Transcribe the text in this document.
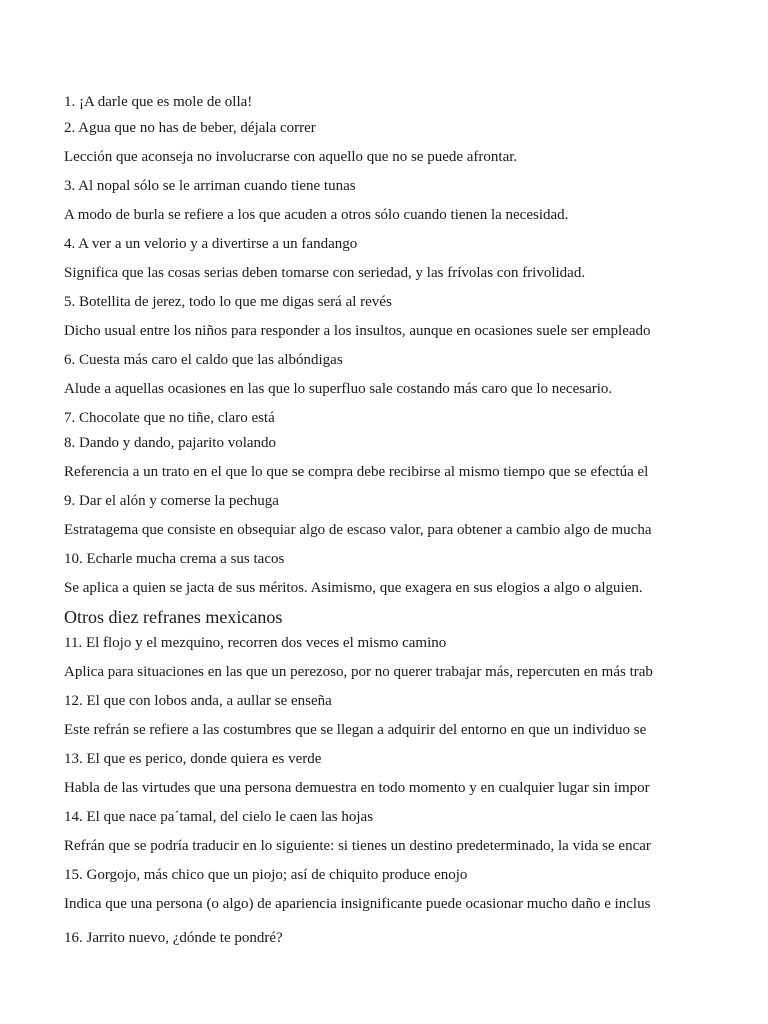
1. ¡A darle que es mole de olla!
2. Agua que no has de beber, déjala correr
Lección que aconseja no involucrarse con aquello que no se puede afrontar.
3. Al nopal sólo se le arriman cuando tiene tunas
A modo de burla se refiere a los que acuden a otros sólo cuando tienen la necesidad.
4. A ver a un velorio y a divertirse a un fandango
Significa que las cosas serias deben tomarse con seriedad, y las frívolas con frivolidad.
5. Botellita de jerez, todo lo que me digas será al revés
Dicho usual entre los niños para responder a los insultos, aunque en ocasiones suele ser empleado
6. Cuesta más caro el caldo que las albóndigas
Alude a aquellas ocasiones en las que lo superfluo sale costando más caro que lo necesario.
7. Chocolate que no tiñe, claro está
8. Dando y dando, pajarito volando
Referencia a un trato en el que lo que se compra debe recibirse al mismo tiempo que se efectúa el
9. Dar el alón y comerse la pechuga
Estratagema que consiste en obsequiar algo de escaso valor, para obtener a cambio algo de mucha
10. Echarle mucha crema a sus tacos
Se aplica a quien se jacta de sus méritos. Asimismo, que exagera en sus elogios a algo o alguien.
Otros diez refranes mexicanos
11. El flojo y el mezquino, recorren dos veces el mismo camino
Aplica para situaciones en las que un perezoso, por no querer trabajar más, repercuten en más trab
12. El que con lobos anda, a aullar se enseña
Este refrán se refiere a las costumbres que se llegan a adquirir del entorno en que un individuo se
13. El que es perico, donde quiera es verde
Habla de las virtudes que una persona demuestra en todo momento y en cualquier lugar sin impor
14. El que nace pa´tamal, del cielo le caen las hojas
Refrán que se podría traducir en lo siguiente: si tienes un destino predeterminado, la vida se encar
15. Gorgojo, más chico que un piojo; así de chiquito produce enojo
Indica que una persona (o algo) de apariencia insignificante puede ocasionar mucho daño e inclus
16. Jarrito nuevo, ¿dónde te pondré?
